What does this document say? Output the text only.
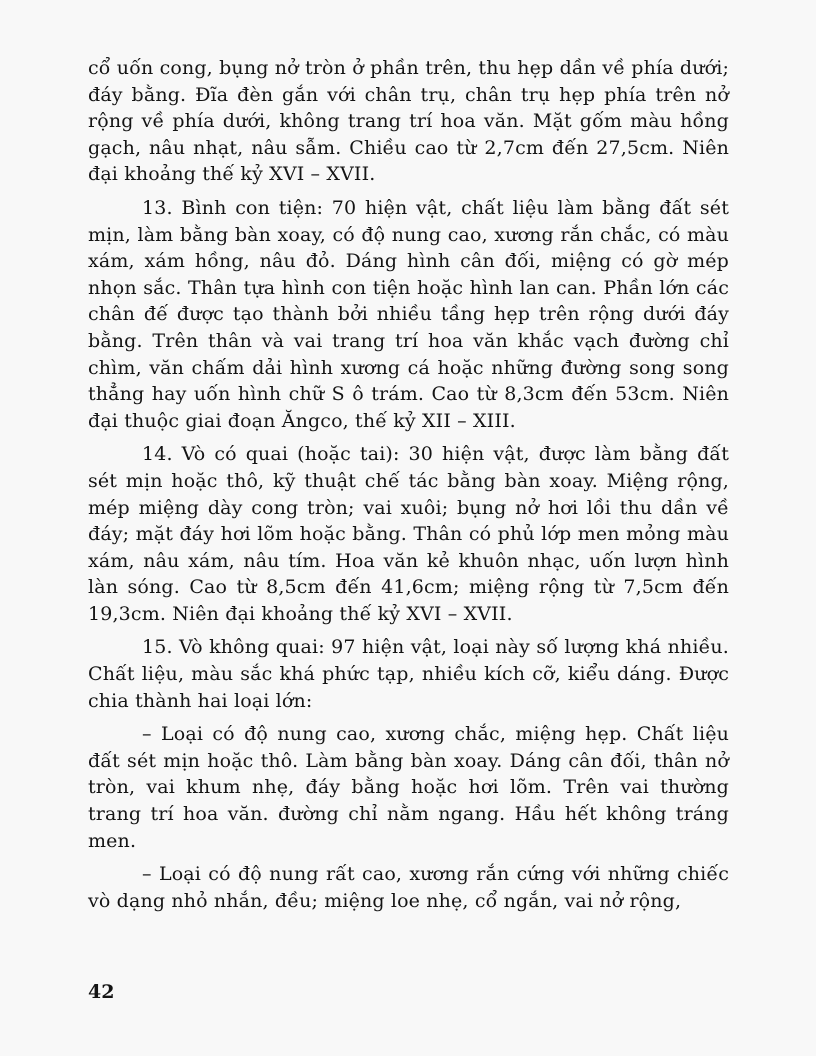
cổ uốn cong, bụng nở tròn ở phần trên, thu hẹp dần về phía dưới; đáy bằng. Đĩa đèn gắn với chân trụ, chân trụ hẹp phía trên nở rộng về phía dưới, không trang trí hoa văn. Mặt gốm màu hồng gạch, nâu nhạt, nâu sẫm. Chiều cao từ 2,7cm đến 27,5cm. Niên đại khoảng thế kỷ XVI – XVII.

13. Bình con tiện: 70 hiện vật, chất liệu làm bằng đất sét mịn, làm bằng bàn xoay, có độ nung cao, xương rắn chắc, có màu xám, xám hồng, nâu đỏ. Dáng hình cân đối, miệng có gờ mép nhọn sắc. Thân tựa hình con tiện hoặc hình lan can. Phần lớn các chân đế được tạo thành bởi nhiều tầng hẹp trên rộng dưới đáy bằng. Trên thân và vai trang trí hoa văn khắc vạch đường chỉ chìm, văn chấm dải hình xương cá hoặc những đường song song thẳng hay uốn hình chữ S ô trám. Cao từ 8,3cm đến 53cm. Niên đại thuộc giai đoạn Ăngco, thế kỷ XII – XIII.

14. Vò có quai (hoặc tai): 30 hiện vật, được làm bằng đất sét mịn hoặc thô, kỹ thuật chế tác bằng bàn xoay. Miệng rộng, mép miệng dày cong tròn; vai xuôi; bụng nở hơi lồi thu dần về đáy; mặt đáy hơi lõm hoặc bằng. Thân có phủ lớp men mỏng màu xám, nâu xám, nâu tím. Hoa văn kẻ khuôn nhạc, uốn lượn hình làn sóng. Cao từ 8,5cm đến 41,6cm; miệng rộng từ 7,5cm đến 19,3cm. Niên đại khoảng thế kỷ XVI – XVII.

15. Vò không quai: 97 hiện vật, loại này số lượng khá nhiều. Chất liệu, màu sắc khá phức tạp, nhiều kích cỡ, kiểu dáng. Được chia thành hai loại lớn:

– Loại có độ nung cao, xương chắc, miệng hẹp. Chất liệu đất sét mịn hoặc thô. Làm bằng bàn xoay. Dáng cân đối, thân nở tròn, vai khum nhẹ, đáy bằng hoặc hơi lõm. Trên vai thường trang trí hoa văn. đường chỉ nằm ngang. Hầu hết không tráng men.

– Loại có độ nung rất cao, xương rắn cứng với những chiếc vò dạng nhỏ nhắn, đều; miệng loe nhẹ, cổ ngắn, vai nở rộng,

42
